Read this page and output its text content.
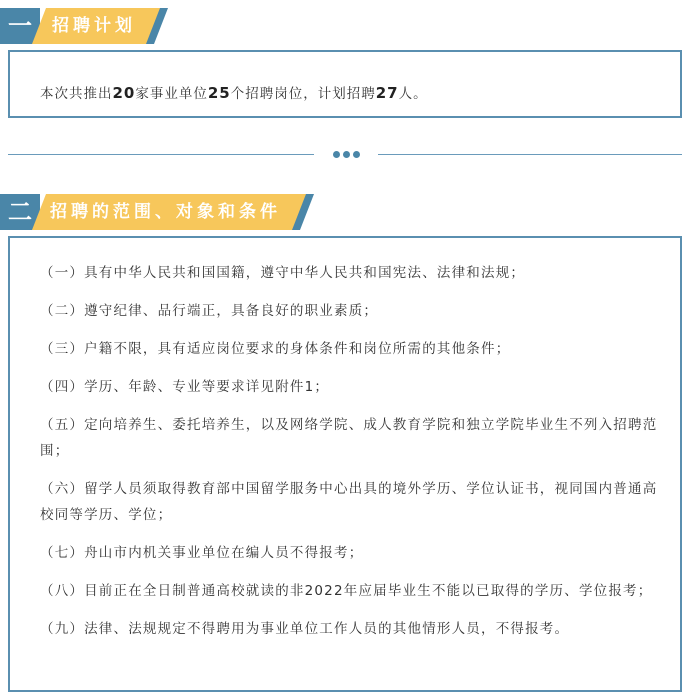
一 招聘计划
本次共推出20家事业单位25个招聘岗位，计划招聘27人。
二 招聘的范围、对象和条件
（一）具有中华人民共和国国籍，遵守中华人民共和国宪法、法律和法规；
（二）遵守纪律、品行端正，具备良好的职业素质；
（三）户籍不限，具有适应岗位要求的身体条件和岗位所需的其他条件；
（四）学历、年龄、专业等要求详见附件1；
（五）定向培养生、委托培养生，以及网络学院、成人教育学院和独立学院毕业生不列入招聘范围；
（六）留学人员须取得教育部中国留学服务中心出具的境外学历、学位认证书，视同国内普通高校同等学历、学位；
（七）舟山市内机关事业单位在编人员不得报考；
（八）目前正在全日制普通高校就读的非2022年应届毕业生不能以已取得的学历、学位报考；
（九）法律、法规规定不得聘用为事业单位工作人员的其他情形人员，不得报考。
